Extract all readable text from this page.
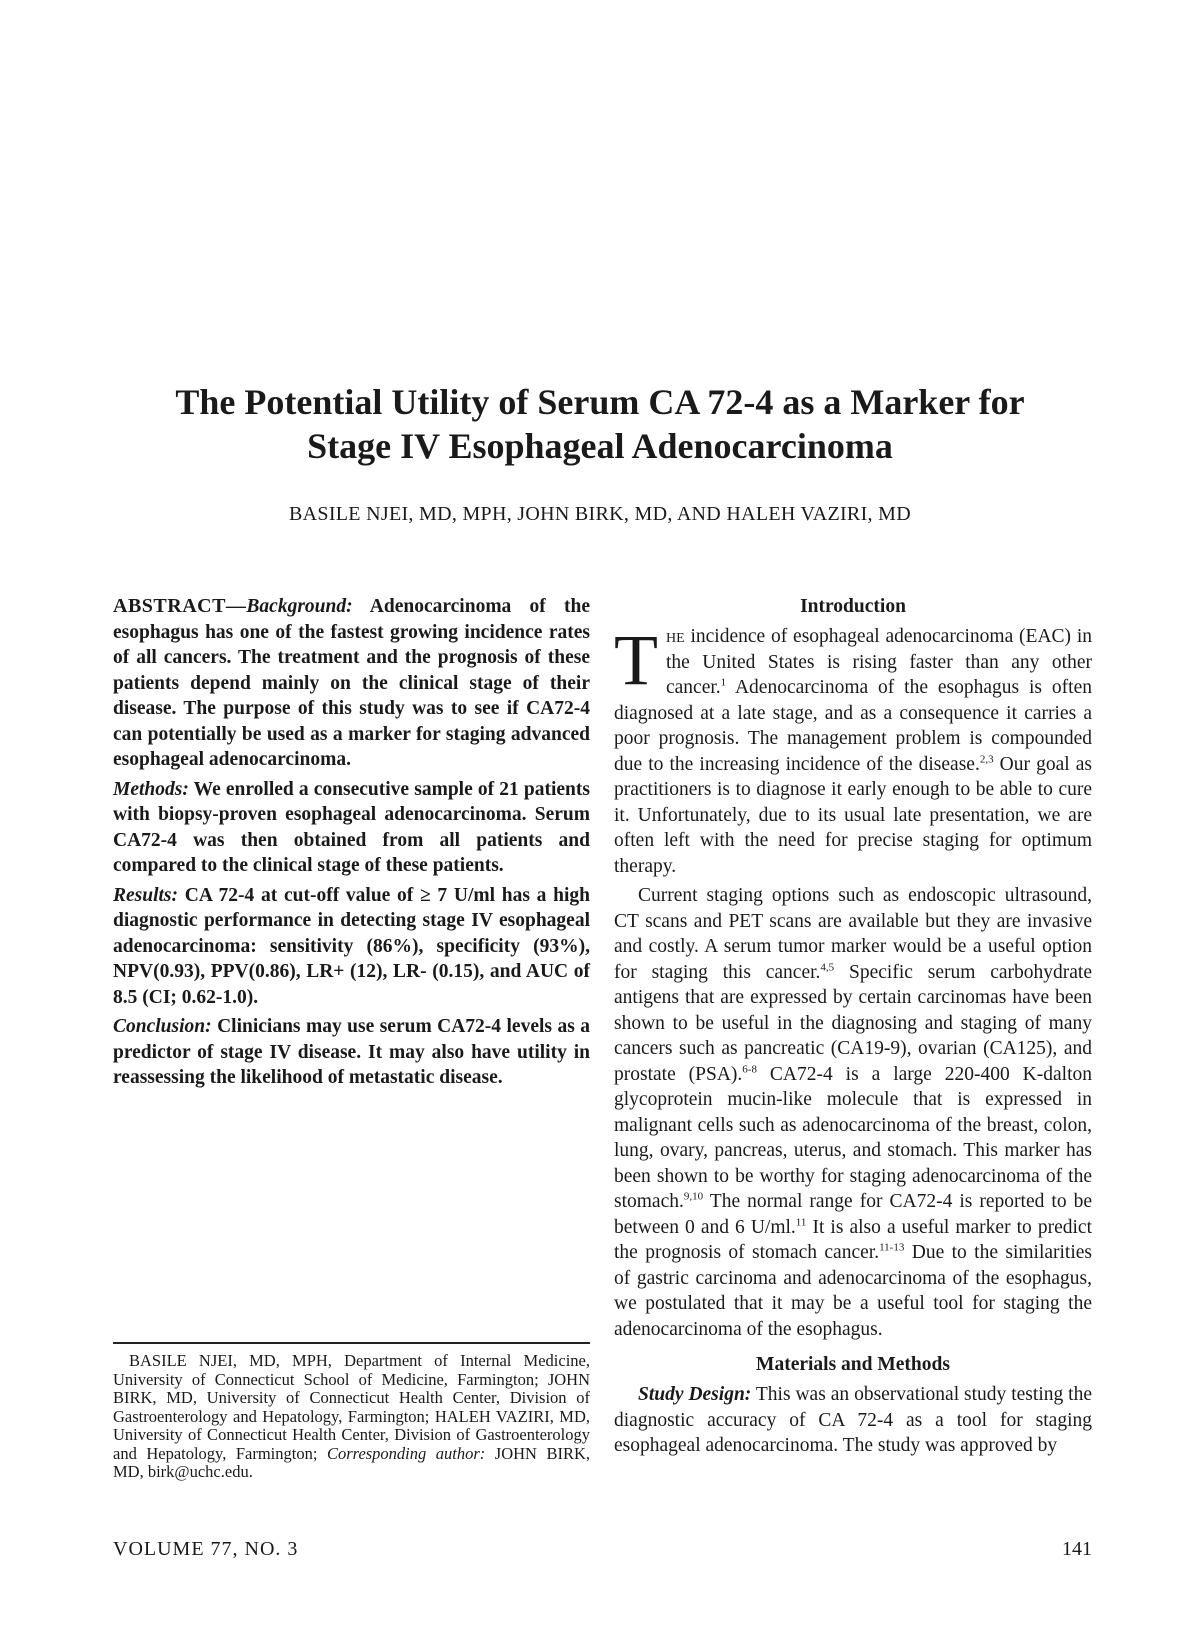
The Potential Utility of Serum CA 72-4 as a Marker for
Stage IV Esophageal Adenocarcinoma
BASILE NJEI, MD, MPH, JOHN BIRK, MD, AND HALEH VAZIRI, MD

ABSTRACT—Background: Adenocarcinoma of the esophagus has one of the fastest growing incidence rates of all cancers. The treatment and the prognosis of these patients depend mainly on the clinical stage of their disease. The purpose of this study was to see if CA72-4 can potentially be used as a marker for staging advanced esophageal adenocarcinoma.

Methods: We enrolled a consecutive sample of 21 patients with biopsy-proven esophageal adenocarcinoma. Serum CA72-4 was then obtained from all patients and compared to the clinical stage of these patients.

Results: CA 72-4 at cut-off value of ≥ 7 U/ml has a high diagnostic performance in detecting stage IV esophageal adenocarcinoma: sensitivity (86%), specificity (93%), NPV(0.93), PPV(0.86), LR+ (12), LR- (0.15), and AUC of 8.5 (CI; 0.62-1.0).

Conclusion: Clinicians may use serum CA72-4 levels as a predictor of stage IV disease. It may also have utility in reassessing the likelihood of metastatic disease.

BASILE NJEI, MD, MPH, Department of Internal Medicine, University of Connecticut School of Medicine, Farmington; JOHN BIRK, MD, University of Connecticut Health Center, Division of Gastroenterology and Hepatology, Farmington; HALEH VAZIRI, MD, University of Connecticut Health Center, Division of Gastroenterology and Hepatology, Farmington; Corresponding author: JOHN BIRK, MD, birk@uchc.edu.

Introduction

The incidence of esophageal adenocarcinoma (EAC) in the United States is rising faster than any other cancer.$^1$ Adenocarcinoma of the esophagus is often diagnosed at a late stage, and as a consequence it carries a poor prognosis. The management problem is compounded due to the increasing incidence of the disease.$^{2,3}$ Our goal as practitioners is to diagnose it early enough to be able to cure it. Unfortunately, due to its usual late presentation, we are often left with the need for precise staging for optimum therapy.

Current staging options such as endoscopic ultrasound, CT scans and PET scans are available but they are invasive and costly. A serum tumor marker would be a useful option for staging this cancer.$^{4,5}$ Specific serum carbohydrate antigens that are expressed by certain carcinomas have been shown to be useful in the diagnosing and staging of many cancers such as pancreatic (CA19-9), ovarian (CA125), and prostate (PSA).$^{6-8}$ CA72-4 is a large 220-400 K-dalton glycoprotein mucin-like molecule that is expressed in malignant cells such as adenocarcinoma of the breast, colon, lung, ovary, pancreas, uterus, and stomach. This marker has been shown to be worthy for staging adenocarcinoma of the stomach.$^{9,10}$ The normal range for CA72-4 is reported to be between 0 and 6 U/ml.$^{11}$ It is also a useful marker to predict the prognosis of stomach cancer.$^{11-13}$ Due to the similarities of gastric carcinoma and adenocarcinoma of the esophagus, we postulated that it may be a useful tool for staging the adenocarcinoma of the esophagus.

Materials and Methods

Study Design: This was an observational study testing the diagnostic accuracy of CA 72-4 as a tool for staging esophageal adenocarcinoma. The study was approved by

VOLUME 77, NO. 3	141
